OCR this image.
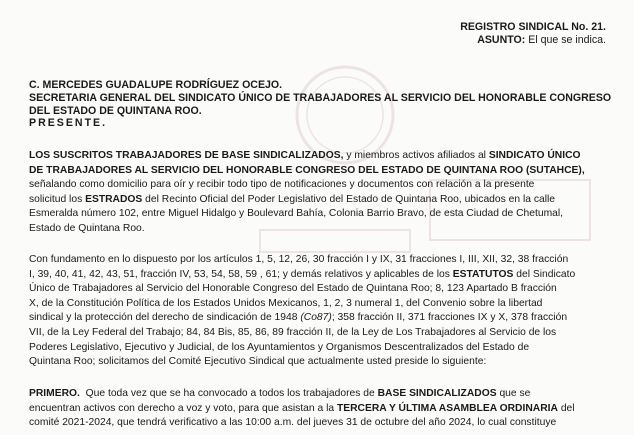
REGISTRO SINDICAL No. 21.
ASUNTO: El que se indica.
C. MERCEDES GUADALUPE RODRÍGUEZ OCEJO.
SECRETARIA GENERAL DEL SINDICATO ÚNICO DE TRABAJADORES AL SERVICIO DEL HONORABLE CONGRESO
DEL ESTADO DE QUINTANA ROO.
PRESENTE.
LOS SUSCRITOS TRABAJADORES DE BASE SINDICALIZADOS, y miembros activos afiliados al SINDICATO ÚNICO
DE TRABAJADORES AL SERVICIO DEL HONORABLE CONGRESO DEL ESTADO DE QUINTANA ROO (SUTAHCE),
señalando como domicilio para oír y recibir todo tipo de notificaciones y documentos con relación a la presente
solicitud los ESTRADOS del Recinto Oficial del Poder Legislativo del Estado de Quintana Roo, ubicados en la calle
Esmeralda número 102, entre Miguel Hidalgo y Boulevard Bahía, Colonia Barrio Bravo, de esta Ciudad de Chetumal,
Estado de Quintana Roo.
Con fundamento en lo dispuesto por los artículos 1, 5, 12, 26, 30 fracción I y IX, 31 fracciones I, III, XII, 32, 38 fracción
I, 39, 40, 41, 42, 43, 51, fracción IV, 53, 54, 58, 59 , 61; y demás relativos y aplicables de los ESTATUTOS del Sindicato
Único de Trabajadores al Servicio del Honorable Congreso del Estado de Quintana Roo; 8, 123 Apartado B fracción
X, de la Constitución Política de los Estados Unidos Mexicanos, 1, 2, 3 numeral 1, del Convenio sobre la libertad
sindical y la protección del derecho de sindicación de 1948 (Co87); 358 fracción II, 371 fracciones IX y X, 378 fracción
VII, de la Ley Federal del Trabajo; 84, 84 Bis, 85, 86, 89 fracción II, de la Ley de Los Trabajadores al Servicio de los
Poderes Legislativo, Ejecutivo y Judicial, de los Ayuntamientos y Organismos Descentralizados del Estado de
Quintana Roo; solicitamos del Comité Ejecutivo Sindical que actualmente usted preside lo siguiente:
PRIMERO.  Que toda vez que se ha convocado a todos los trabajadores de BASE SINDICALIZADOS que se
encuentran activos con derecho a voz y voto, para que asistan a la TERCERA Y ÚLTIMA ASAMBLEA ORDINARIA del
comité 2021-2024, que tendrá verificativo a las 10:00 a.m. del jueves 31 de octubre del año 2024, lo cual constituye
